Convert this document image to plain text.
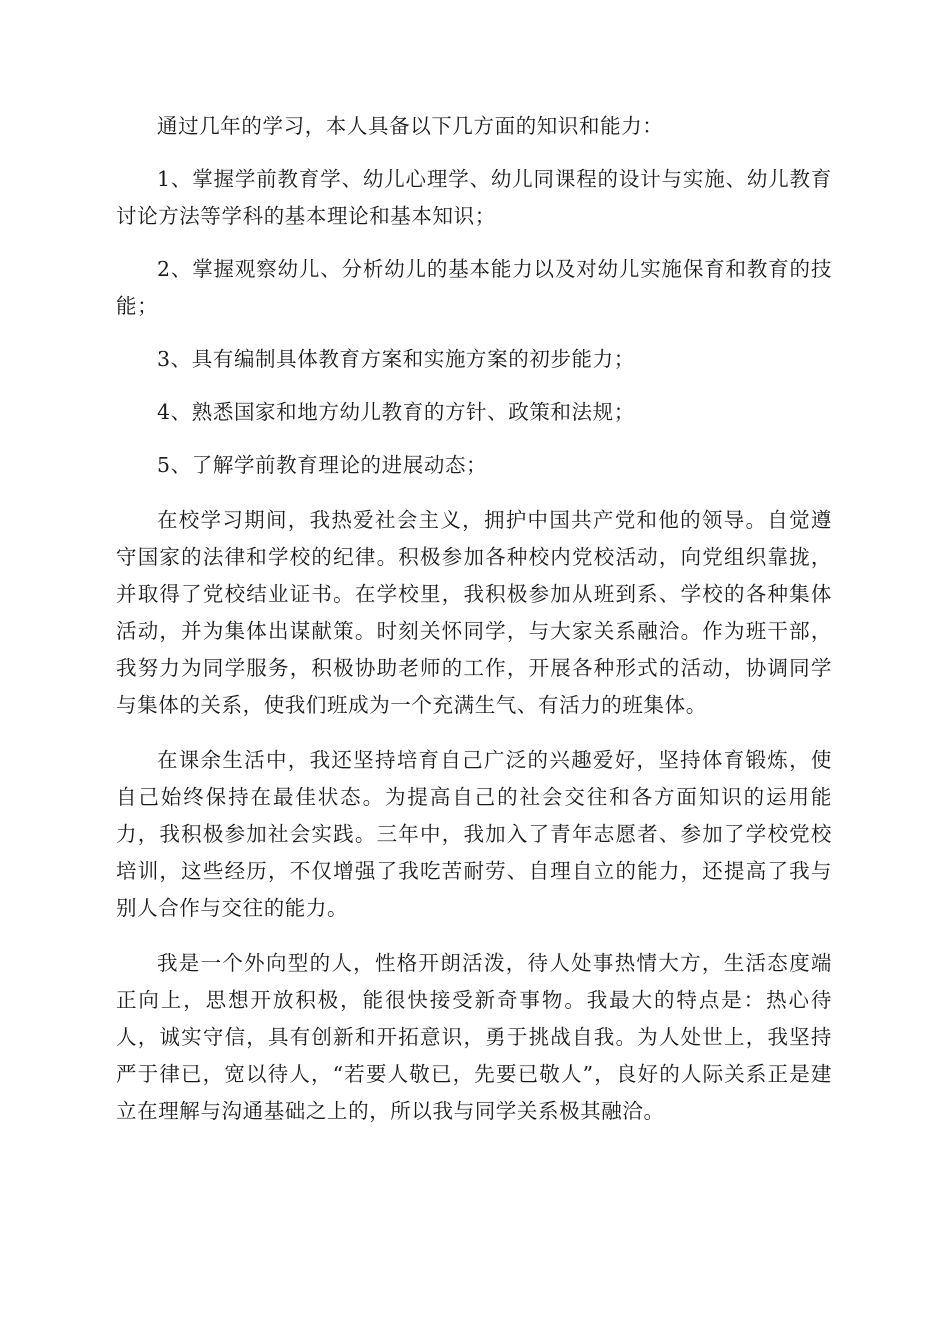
通过几年的学习，本人具备以下几方面的知识和能力：

1、掌握学前教育学、幼儿心理学、幼儿同课程的设计与实施、幼儿教育讨论方法等学科的基本理论和基本知识；

2、掌握观察幼儿、分析幼儿的基本能力以及对幼儿实施保育和教育的技能；

3、具有编制具体教育方案和实施方案的初步能力；

4、熟悉国家和地方幼儿教育的方针、政策和法规；

5、了解学前教育理论的进展动态；

在校学习期间，我热爱社会主义，拥护中国共产党和他的领导。自觉遵守国家的法律和学校的纪律。积极参加各种校内党校活动，向党组织靠拢，并取得了党校结业证书。在学校里，我积极参加从班到系、学校的各种集体活动，并为集体出谋献策。时刻关怀同学，与大家关系融洽。作为班干部，我努力为同学服务，积极协助老师的工作，开展各种形式的活动，协调同学与集体的关系，使我们班成为一个充满生气、有活力的班集体。

在课余生活中，我还坚持培育自己广泛的兴趣爱好，坚持体育锻炼，使自己始终保持在最佳状态。为提高自己的社会交往和各方面知识的运用能力，我积极参加社会实践。三年中，我加入了青年志愿者、参加了学校党校培训，这些经历，不仅增强了我吃苦耐劳、自理自立的能力，还提高了我与别人合作与交往的能力。

我是一个外向型的人，性格开朗活泼，待人处事热情大方，生活态度端正向上，思想开放积极，能很快接受新奇事物。我最大的特点是：热心待人，诚实守信，具有创新和开拓意识，勇于挑战自我。为人处世上，我坚持严于律已，宽以待人，“若要人敬已，先要已敬人”，良好的人际关系正是建立在理解与沟通基础之上的，所以我与同学关系极其融洽。
